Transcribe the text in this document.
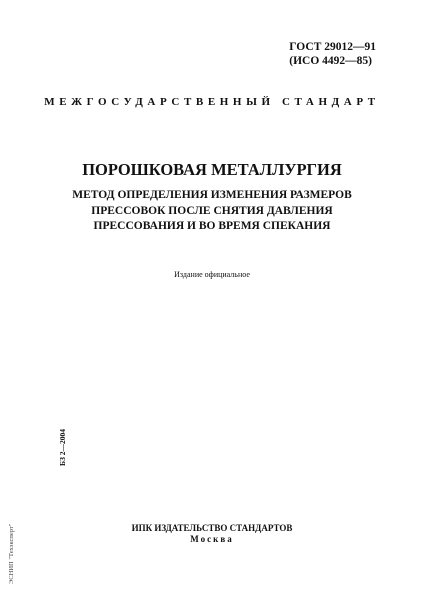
ГОСТ 29012—91
(ИСО 4492—85)
МЕЖГОСУДАРСТВЕННЫЙ СТАНДАРТ
ПОРОШКОВАЯ МЕТАЛЛУРГИЯ
МЕТОД ОПРЕДЕЛЕНИЯ ИЗМЕНЕНИЯ РАЗМЕРОВ
ПРЕССОВОК ПОСЛЕ СНЯТИЯ ДАВЛЕНИЯ
ПРЕССОВАНИЯ И ВО ВРЕМЯ СПЕКАНИЯ
Издание официальное
БЗ 2—2004
ЭСНИП "Техэксперт"	ИПК ИЗДАТЕЛЬСТВО СТАНДАРТОВ
Москва
